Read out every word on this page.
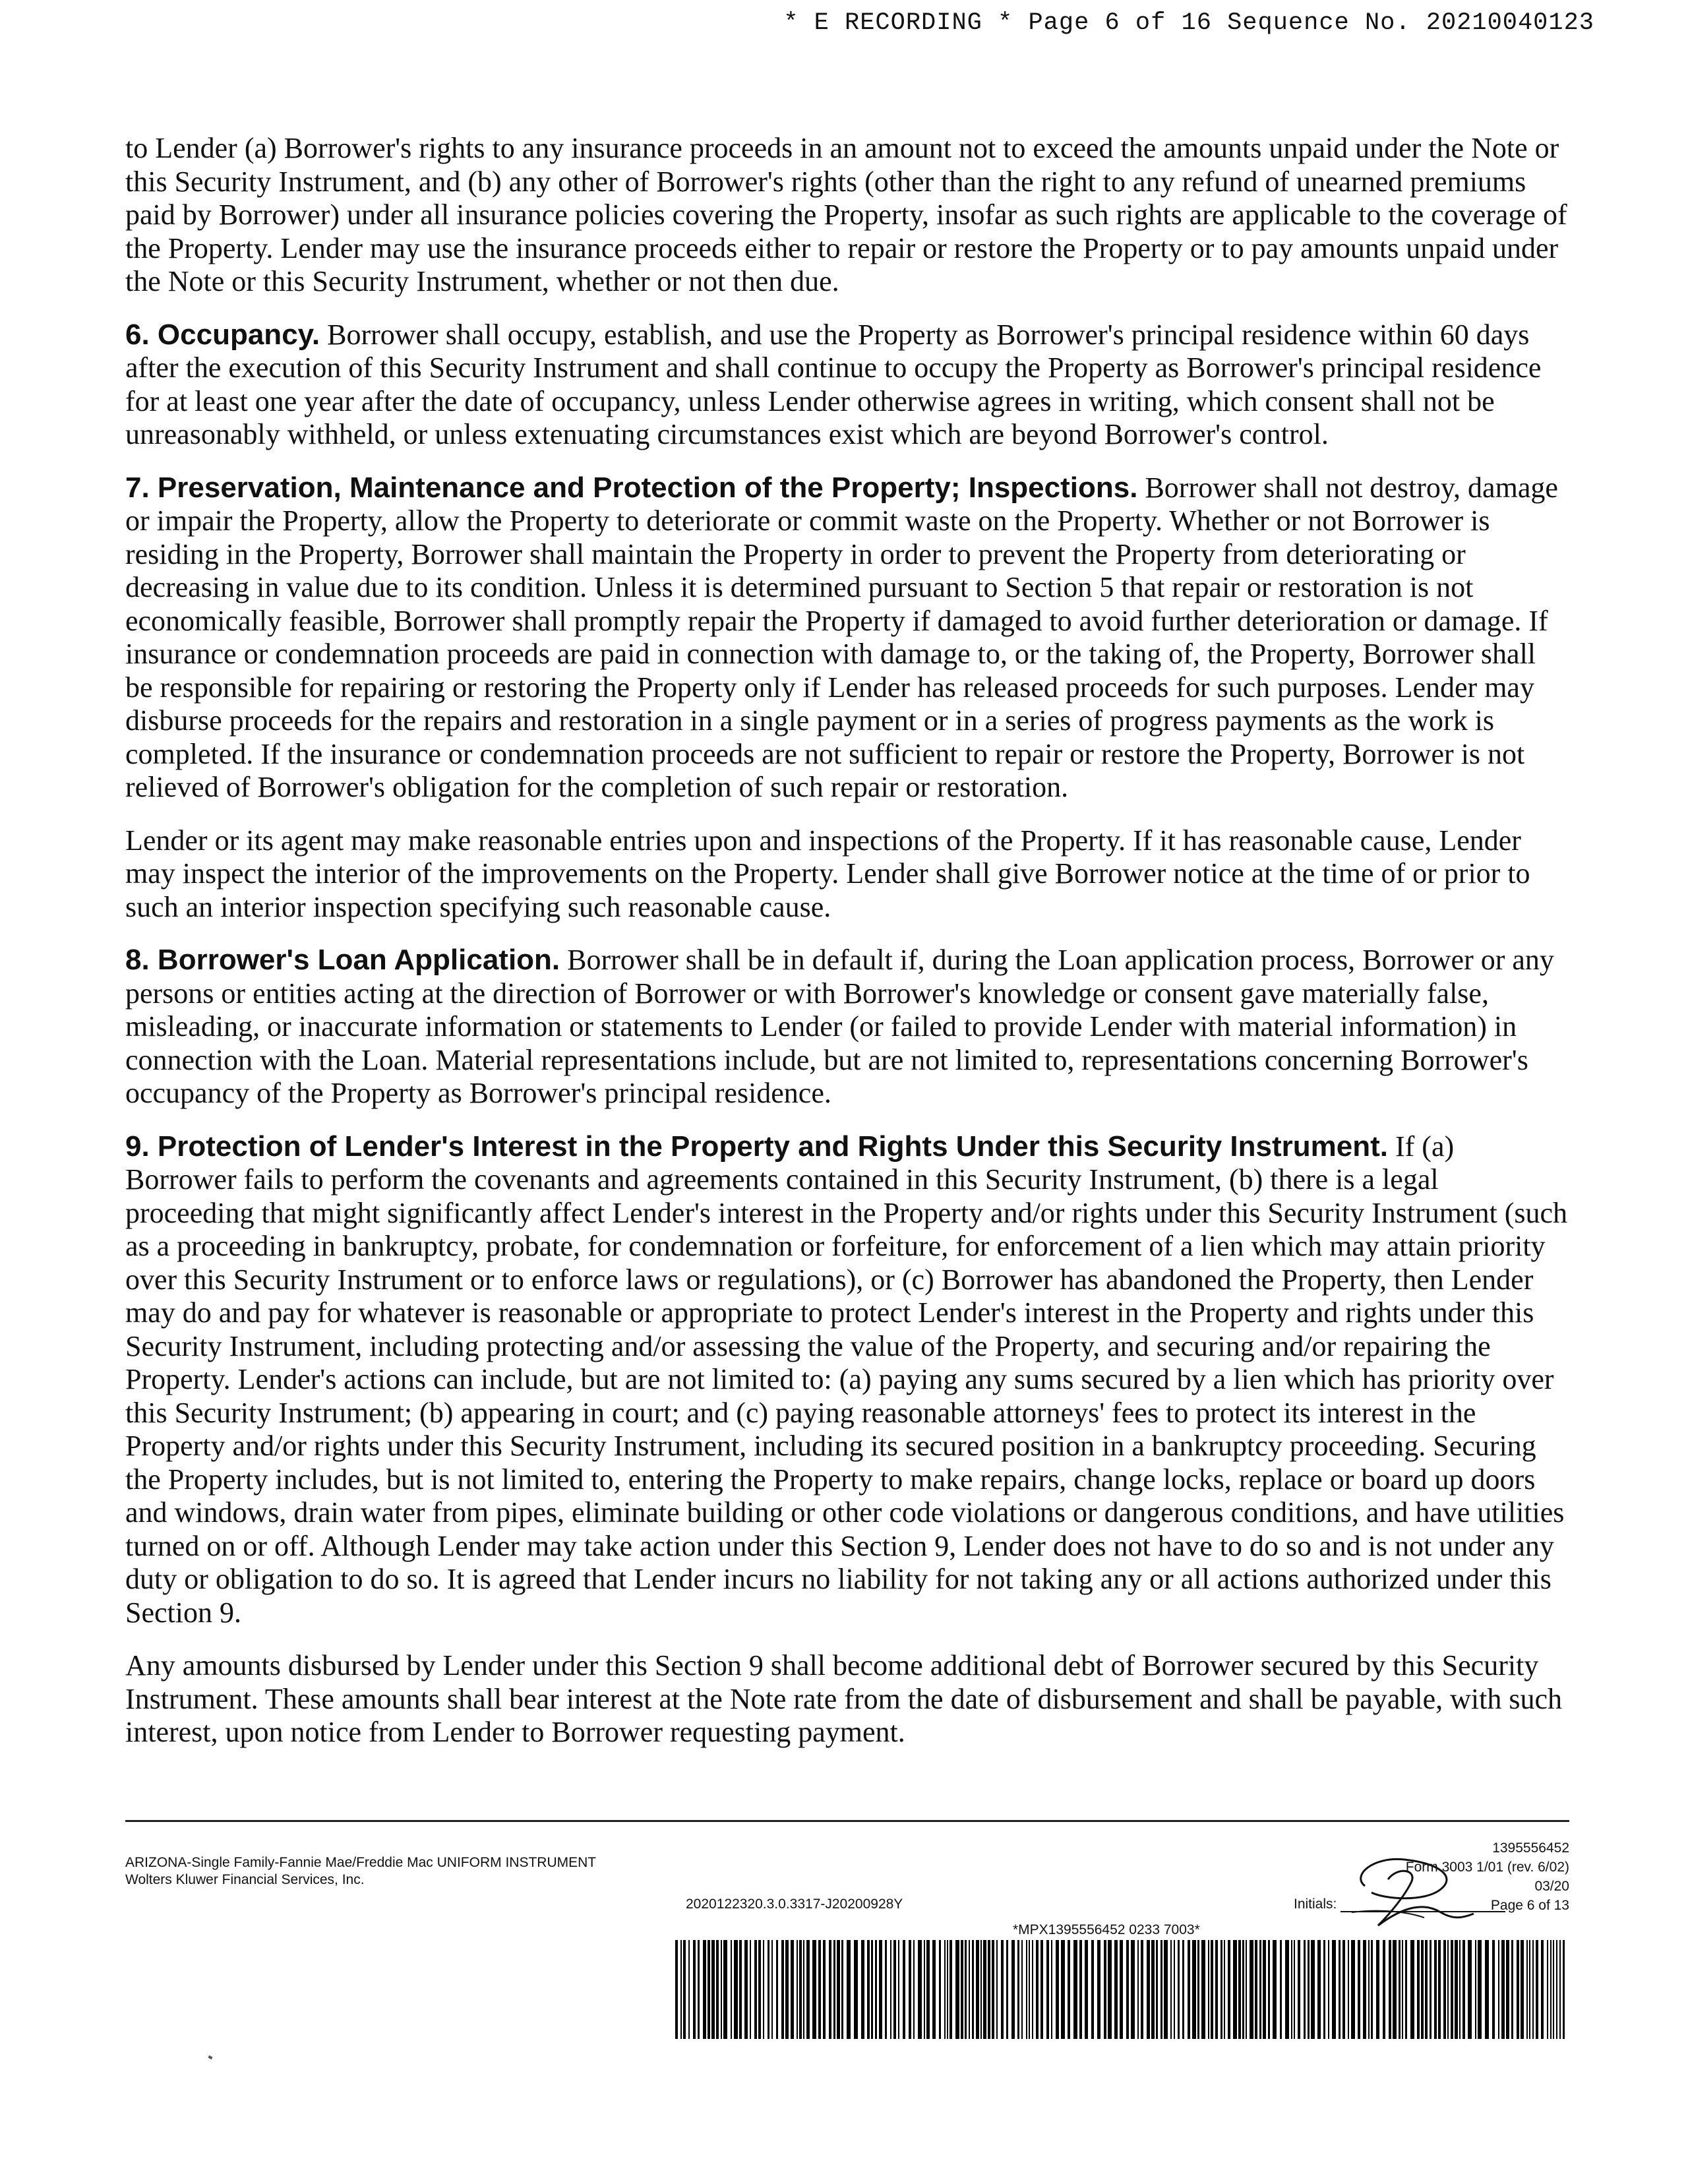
* E RECORDING * Page 6 of 16 Sequence No. 20210040123

to Lender (a) Borrower's rights to any insurance proceeds in an amount not to exceed the amounts unpaid under the Note or this Security Instrument, and (b) any other of Borrower's rights (other than the right to any refund of unearned premiums paid by Borrower) under all insurance policies covering the Property, insofar as such rights are applicable to the coverage of the Property. Lender may use the insurance proceeds either to repair or restore the Property or to pay amounts unpaid under the Note or this Security Instrument, whether or not then due.

6. Occupancy. Borrower shall occupy, establish, and use the Property as Borrower's principal residence within 60 days after the execution of this Security Instrument and shall continue to occupy the Property as Borrower's principal residence for at least one year after the date of occupancy, unless Lender otherwise agrees in writing, which consent shall not be unreasonably withheld, or unless extenuating circumstances exist which are beyond Borrower's control.

7. Preservation, Maintenance and Protection of the Property; Inspections. Borrower shall not destroy, damage or impair the Property, allow the Property to deteriorate or commit waste on the Property. Whether or not Borrower is residing in the Property, Borrower shall maintain the Property in order to prevent the Property from deteriorating or decreasing in value due to its condition. Unless it is determined pursuant to Section 5 that repair or restoration is not economically feasible, Borrower shall promptly repair the Property if damaged to avoid further deterioration or damage. If insurance or condemnation proceeds are paid in connection with damage to, or the taking of, the Property, Borrower shall be responsible for repairing or restoring the Property only if Lender has released proceeds for such purposes. Lender may disburse proceeds for the repairs and restoration in a single payment or in a series of progress payments as the work is completed. If the insurance or condemnation proceeds are not sufficient to repair or restore the Property, Borrower is not relieved of Borrower's obligation for the completion of such repair or restoration.

Lender or its agent may make reasonable entries upon and inspections of the Property. If it has reasonable cause, Lender may inspect the interior of the improvements on the Property. Lender shall give Borrower notice at the time of or prior to such an interior inspection specifying such reasonable cause.

8. Borrower's Loan Application. Borrower shall be in default if, during the Loan application process, Borrower or any persons or entities acting at the direction of Borrower or with Borrower's knowledge or consent gave materially false, misleading, or inaccurate information or statements to Lender (or failed to provide Lender with material information) in connection with the Loan. Material representations include, but are not limited to, representations concerning Borrower's occupancy of the Property as Borrower's principal residence.

9. Protection of Lender's Interest in the Property and Rights Under this Security Instrument. If (a) Borrower fails to perform the covenants and agreements contained in this Security Instrument, (b) there is a legal proceeding that might significantly affect Lender's interest in the Property and/or rights under this Security Instrument (such as a proceeding in bankruptcy, probate, for condemnation or forfeiture, for enforcement of a lien which may attain priority over this Security Instrument or to enforce laws or regulations), or (c) Borrower has abandoned the Property, then Lender may do and pay for whatever is reasonable or appropriate to protect Lender's interest in the Property and rights under this Security Instrument, including protecting and/or assessing the value of the Property, and securing and/or repairing the Property. Lender's actions can include, but are not limited to: (a) paying any sums secured by a lien which has priority over this Security Instrument; (b) appearing in court; and (c) paying reasonable attorneys' fees to protect its interest in the Property and/or rights under this Security Instrument, including its secured position in a bankruptcy proceeding. Securing the Property includes, but is not limited to, entering the Property to make repairs, change locks, replace or board up doors and windows, drain water from pipes, eliminate building or other code violations or dangerous conditions, and have utilities turned on or off. Although Lender may take action under this Section 9, Lender does not have to do so and is not under any duty or obligation to do so. It is agreed that Lender incurs no liability for not taking any or all actions authorized under this Section 9.

Any amounts disbursed by Lender under this Section 9 shall become additional debt of Borrower secured by this Security Instrument. These amounts shall bear interest at the Note rate from the date of disbursement and shall be payable, with such interest, upon notice from Lender to Borrower requesting payment.

ARIZONA-Single Family-Fannie Mae/Freddie Mac UNIFORM INSTRUMENT
Wolters Kluwer Financial Services, Inc.
2020122320.3.0.3317-J20200928Y
1395556452
Form 3003 1/01 (rev. 6/02)
03/20
Page 6 of 13
Initials:
*MPX1395556452 0233 7003*
